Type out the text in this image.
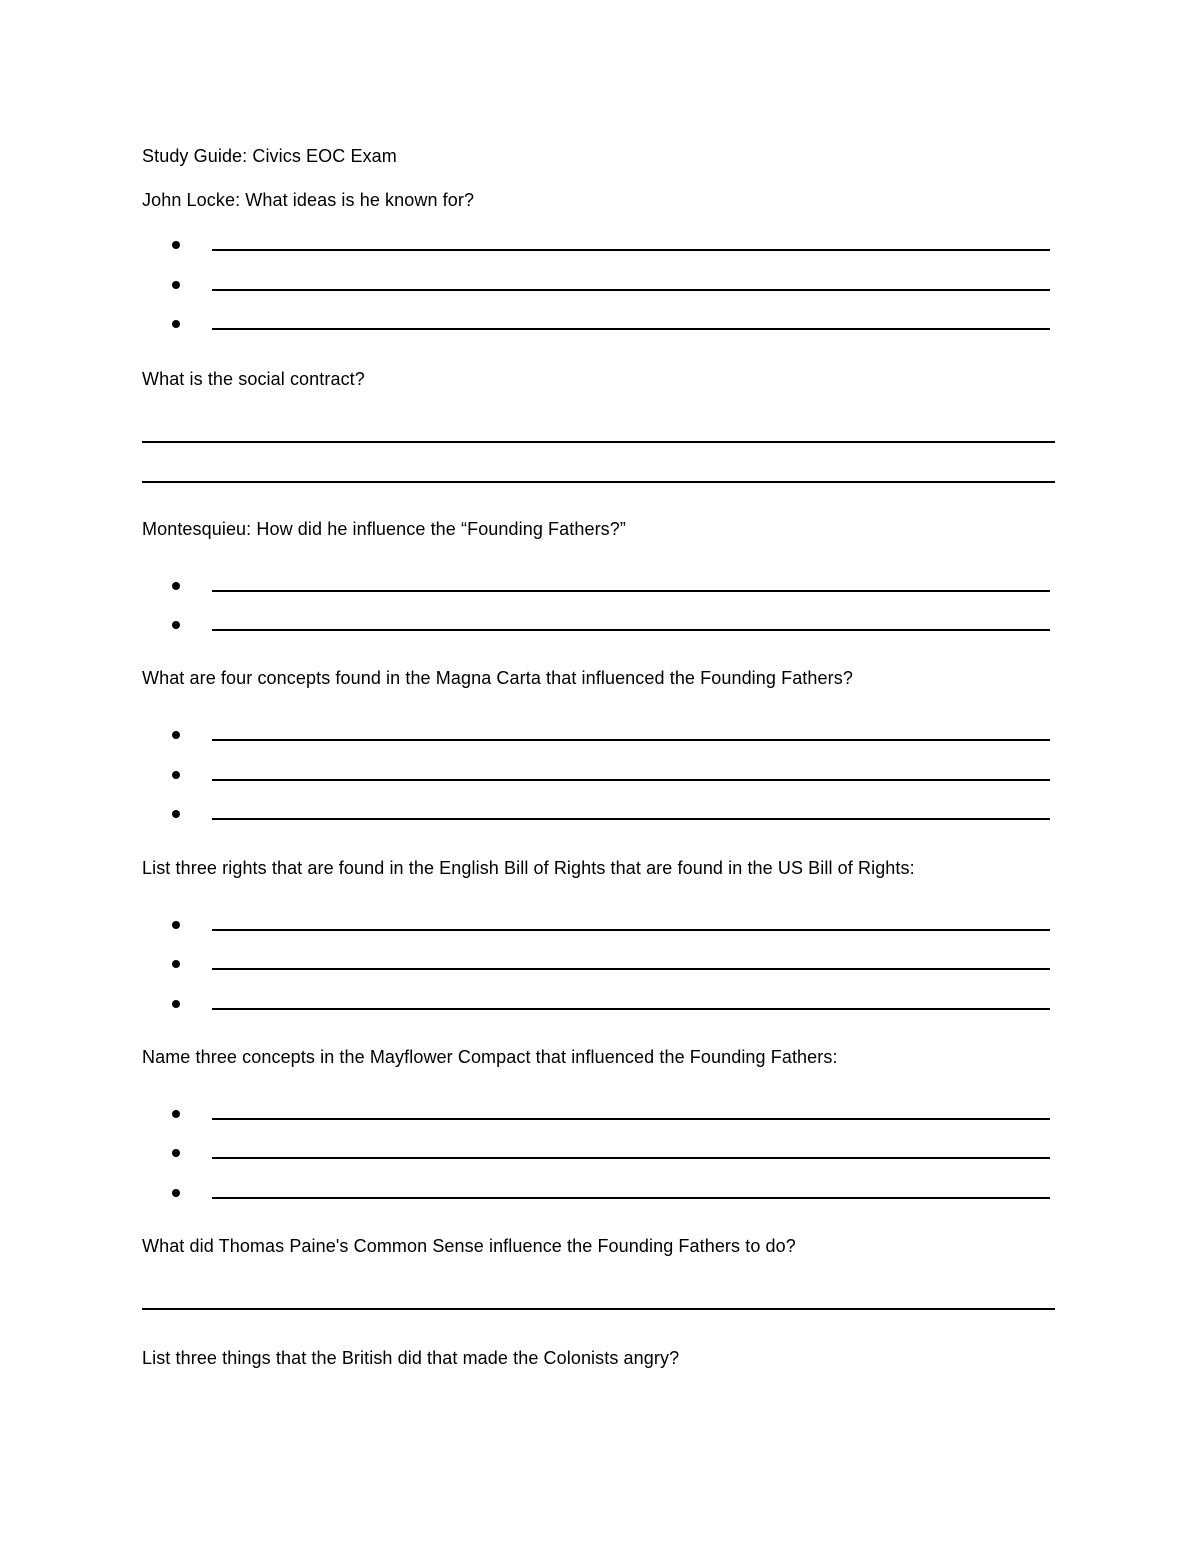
Study Guide: Civics EOC Exam
John Locke: What ideas is he known for?
What is the social contract?
Montesquieu: How did he influence the “Founding Fathers?”
What are four concepts found in the Magna Carta that influenced the Founding Fathers?
List three rights that are found in the English Bill of Rights that are found in the US Bill of Rights:
Name three concepts in the Mayflower Compact that influenced the Founding Fathers:
What did Thomas Paine's Common Sense influence the Founding Fathers to do?
List three things that the British did that made the Colonists angry?
